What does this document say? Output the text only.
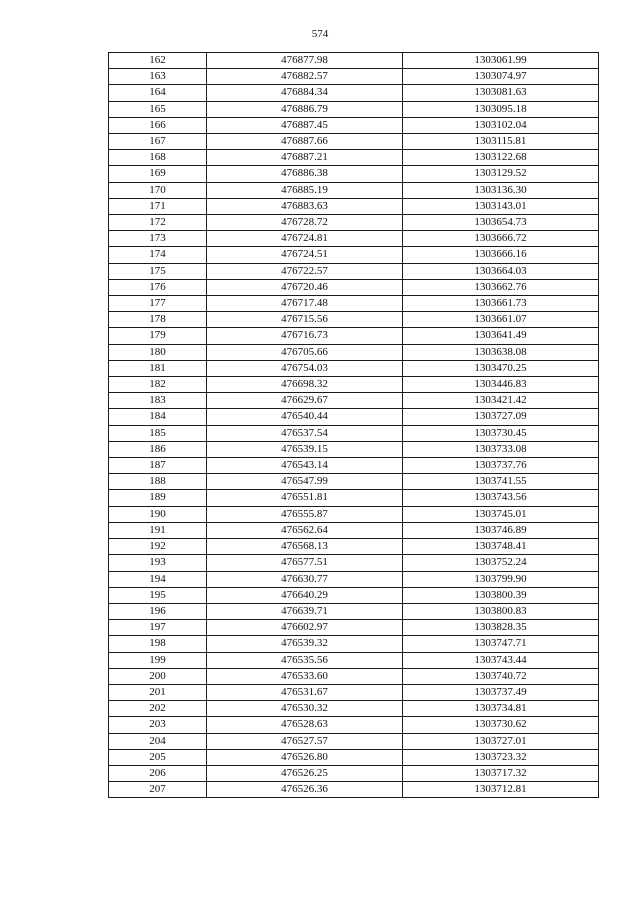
574
162	476877.98	1303061.99
163	476882.57	1303074.97
164	476884.34	1303081.63
165	476886.79	1303095.18
166	476887.45	1303102.04
167	476887.66	1303115.81
168	476887.21	1303122.68
169	476886.38	1303129.52
170	476885.19	1303136.30
171	476883.63	1303143.01
172	476728.72	1303654.73
173	476724.81	1303666.72
174	476724.51	1303666.16
175	476722.57	1303664.03
176	476720.46	1303662.76
177	476717.48	1303661.73
178	476715.56	1303661.07
179	476716.73	1303641.49
180	476705.66	1303638.08
181	476754.03	1303470.25
182	476698.32	1303446.83
183	476629.67	1303421.42
184	476540.44	1303727.09
185	476537.54	1303730.45
186	476539.15	1303733.08
187	476543.14	1303737.76
188	476547.99	1303741.55
189	476551.81	1303743.56
190	476555.87	1303745.01
191	476562.64	1303746.89
192	476568.13	1303748.41
193	476577.51	1303752.24
194	476630.77	1303799.90
195	476640.29	1303800.39
196	476639.71	1303800.83
197	476602.97	1303828.35
198	476539.32	1303747.71
199	476535.56	1303743.44
200	476533.60	1303740.72
201	476531.67	1303737.49
202	476530.32	1303734.81
203	476528.63	1303730.62
204	476527.57	1303727.01
205	476526.80	1303723.32
206	476526.25	1303717.32
207	476526.36	1303712.81
